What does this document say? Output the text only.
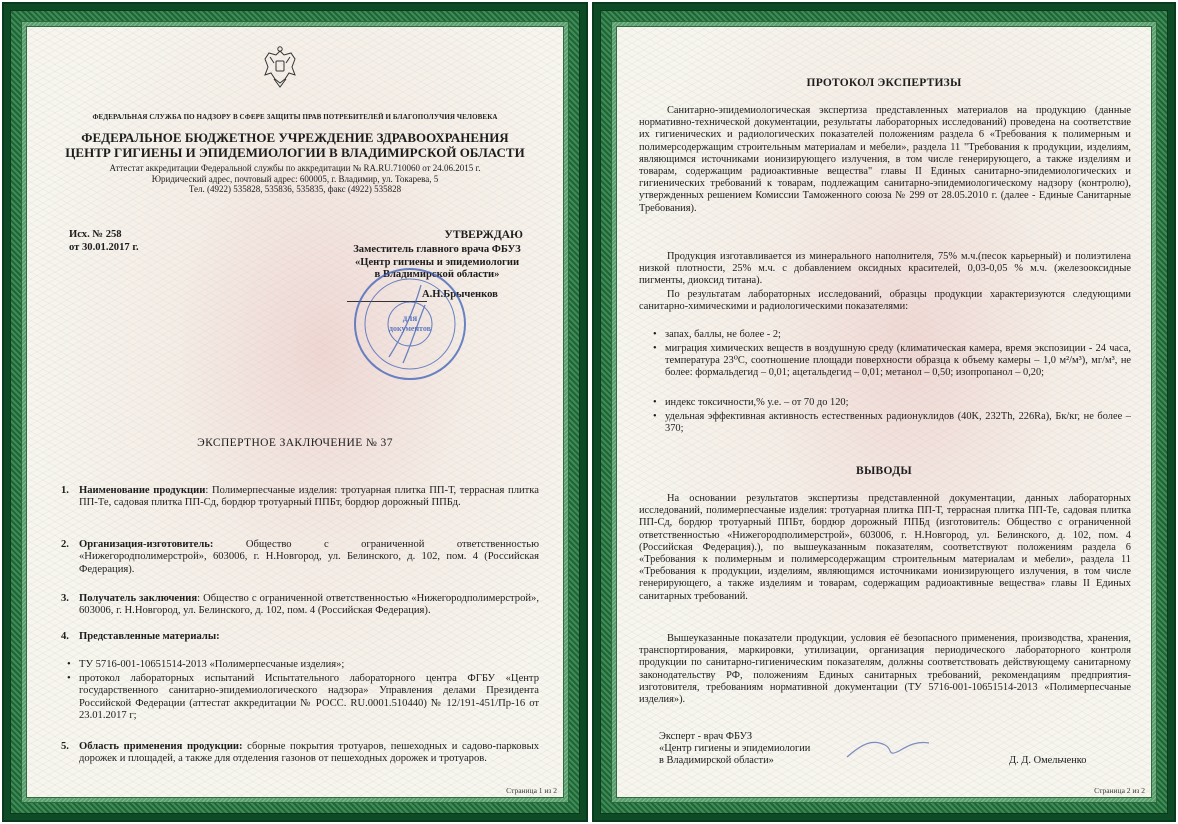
ФЕДЕРАЛЬНАЯ СЛУЖБА ПО НАДЗОРУ В СФЕРЕ ЗАЩИТЫ ПРАВ ПОТРЕБИТЕЛЕЙ И БЛАГОПОЛУЧИЯ ЧЕЛОВЕКА
ФЕДЕРАЛЬНОЕ БЮДЖЕТНОЕ УЧРЕЖДЕНИЕ ЗДРАВООХРАНЕНИЯ
ЦЕНТР ГИГИЕНЫ И ЭПИДЕМИОЛОГИИ В ВЛАДИМИРСКОЙ ОБЛАСТИ
Аттестат аккредитации Федеральной службы по аккредитации № RA.RU.710060 от 24.06.2015 г.
Юридический адрес, почтовый адрес: 600005, г. Владимир, ул. Токарева, 5
Тел. (4922) 535828, 535836, 535835, факс (4922) 535828
Исх. № 258
от 30.01.2017 г.
УТВЕРЖДАЮ
Заместитель главного врача ФБУЗ
«Центр гигиены и эпидемиологии
в Владимирской области»
А.Н.Брыченков
для
документов
ЭКСПЕРТНОЕ ЗАКЛЮЧЕНИЕ № 37
1. Наименование продукции: Полимерпесчаные изделия: тротуарная плитка ПП-Т, террасная плитка ПП-Те, садовая плитка ПП-Сд, бордюр тротуарный ППБт, бордюр дорожный ППБд.
2. Организация-изготовитель: Общество с ограниченной ответственностью «Нижегородполимерстрой», 603006, г. Н.Новгород, ул. Белинского, д. 102, пом. 4 (Российская Федерация).
3. Получатель заключения: Общество с ограниченной ответственностью «Нижегородполимерстрой», 603006, г. Н.Новгород, ул. Белинского, д. 102, пом. 4 (Российская Федерация).
4. Представленные материалы:
• ТУ 5716-001-10651514-2013 «Полимерпесчаные изделия»;
• протокол лабораторных испытаний Испытательного лабораторного центра ФГБУ «Центр государственного санитарно-эпидемиологического надзора» Управления делами Президента Российской Федерации (аттестат аккредитации № РОСС. RU.0001.510440) № 12/191-451/Пр-16 от 23.01.2017 г;
5. Область применения продукции: сборные покрытия тротуаров, пешеходных и садово-парковых дорожек и площадей, а также для отделения газонов от пешеходных дорожек и тротуаров.
Страница 1 из 2
ПРОТОКОЛ ЭКСПЕРТИЗЫ
Санитарно-эпидемиологическая экспертиза представленных материалов на продукцию (данные нормативно-технической документации, результаты лабораторных исследований) проведена на соответствие их гигиенических и радиологических показателей положениям раздела 6 «Требования к полимерным и полимерсодержащим строительным материалам и мебели», раздела 11 "Требования к продукции, изделиям, являющимся источниками ионизирующего излучения, в том числе генерирующего, а также изделиям и товарам, содержащим радиоактивные вещества" главы II Единых санитарно-эпидемиологических и гигиенических требований к товарам, подлежащим санитарно-эпидемиологическому надзору (контролю), утвержденных решением Комиссии Таможенного союза № 299 от 28.05.2010 г. (далее - Единые Санитарные Требования).
Продукция изготавливается из минерального наполнителя, 75% м.ч.(песок карьерный) и полиэтилена низкой плотности, 25% м.ч. с добавлением оксидных красителей, 0,03-0,05 % м.ч. (железооксидные пигменты, диоксид титана).
По результатам лабораторных исследований, образцы продукции характеризуются следующими санитарно-химическими и радиологическими показателями:
• запах, баллы, не более - 2;
• миграция химических веществ в воздушную среду (климатическая камера, время экспозиции - 24 часа, температура 23⁰С, соотношение площади поверхности образца к объему камеры – 1,0 м²/м³), мг/м³, не более: формальдегид – 0,01; ацетальдегид – 0,01; метанол – 0,50; изопропанол – 0,20;
• индекс токсичности,% у.е. – от 70 до 120;
• удельная эффективная активность естественных радионуклидов (40K, 232Th, 226Ra), Бк/кг, не более – 370;
ВЫВОДЫ
На основании результатов экспертизы представленной документации, данных лабораторных исследований, полимерпесчаные изделия: тротуарная плитка ПП-Т, террасная плитка ПП-Те, садовая плитка ПП-Сд, бордюр тротуарный ППБт, бордюр дорожный ППБд (изготовитель: Общество с ограниченной ответственностью «Нижегородполимерстрой», 603006, г. Н.Новгород, ул. Белинского, д. 102, пом. 4 (Российская Федерация).), по вышеуказанным показателям, соответствуют положениям раздела 6 «Требования к полимерным и полимерсодержащим строительным материалам и мебели», раздела 11 «Требования к продукции, изделиям, являющимся источниками ионизирующего излучения, в том числе генерирующего, а также изделиям и товарам, содержащим радиоактивные вещества» главы II Единых санитарных требований.
Вышеуказанные показатели продукции, условия её безопасного применения, производства, хранения, транспортирования, маркировки, утилизации, организация периодического лабораторного контроля продукции по санитарно-гигиеническим показателям, должны соответствовать действующему санитарному законодательству РФ, положениям Единых санитарных требований, рекомендациям предприятия-изготовителя, требованиям нормативной документации (ТУ 5716-001-10651514-2013 «Полимерпесчаные изделия»).
Эксперт - врач ФБУЗ
«Центр гигиены и эпидемиологии
в Владимирской области»	Д. Д. Омельченко
Страница 2 из 2
